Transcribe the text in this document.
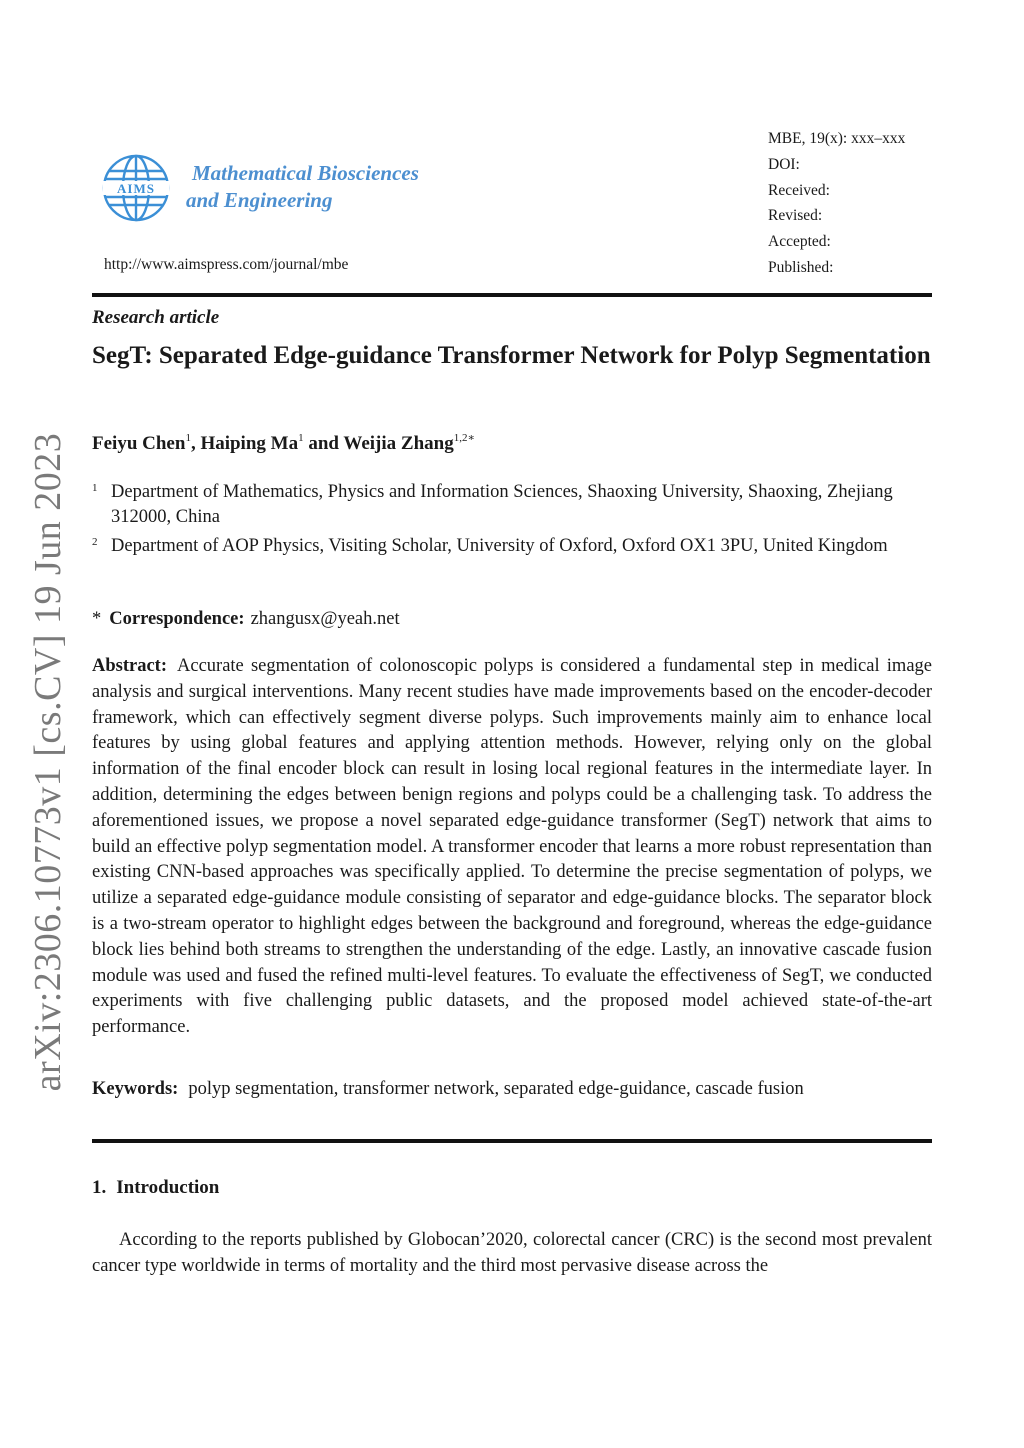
arXiv:2306.10773v1 [cs.CV] 19 Jun 2023
AIMS
Mathematical Biosciences
and Engineering
http://www.aimspress.com/journal/mbe
MBE, 19(x): xxx–xxx
DOI:
Received:
Revised:
Accepted:
Published:
Research article
SegT: Separated Edge-guidance Transformer Network for Polyp Segmentation
Feiyu Chen$^1$, Haiping Ma$^1$ and Weijia Zhang$^{1,2∗}$
1 Department of Mathematics, Physics and Information Sciences, Shaoxing University, Shaoxing, Zhejiang 312000, China
2 Department of AOP Physics, Visiting Scholar, University of Oxford, Oxford OX1 3PU, United Kingdom
* Correspondence: zhangusx@yeah.net
Abstract: Accurate segmentation of colonoscopic polyps is considered a fundamental step in medical image analysis and surgical interventions. Many recent studies have made improvements based on the encoder-decoder framework, which can effectively segment diverse polyps. Such improvements mainly aim to enhance local features by using global features and applying attention methods. However, relying only on the global information of the final encoder block can result in losing local regional features in the intermediate layer. In addition, determining the edges between benign regions and polyps could be a challenging task. To address the aforementioned issues, we propose a novel separated edge-guidance transformer (SegT) network that aims to build an effective polyp segmentation model. A transformer encoder that learns a more robust representation than existing CNN-based approaches was specifically applied. To determine the precise segmentation of polyps, we utilize a separated edge-guidance module consisting of separator and edge-guidance blocks. The separator block is a two-stream operator to highlight edges between the background and foreground, whereas the edge-guidance block lies behind both streams to strengthen the understanding of the edge. Lastly, an innovative cascade fusion module was used and fused the refined multi-level features. To evaluate the effectiveness of SegT, we conducted experiments with five challenging public datasets, and the proposed model achieved state-of-the-art performance.
Keywords: polyp segmentation, transformer network, separated edge-guidance, cascade fusion
1. Introduction
According to the reports published by Globocan’2020, colorectal cancer (CRC) is the second most prevalent cancer type worldwide in terms of mortality and the third most pervasive disease across the
